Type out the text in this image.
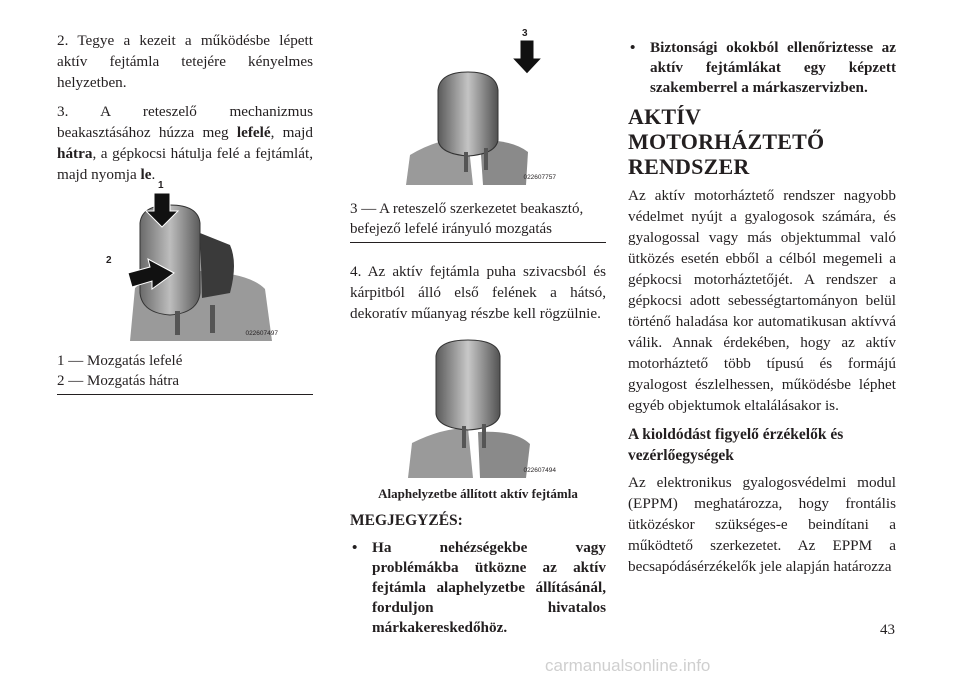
2. Tegye a kezeit a működésbe lépett aktív fejtámla tetejére kényelmes helyzetben.

3. A reteszelő mechanizmus beakasztásához húzza meg lefelé, majd hátra, a gépkocsi hátulja felé a fejtámlát, majd nyomja le.

1
2
022607497
1 — Mozgatás lefelé
2 — Mozgatás hátra
3
022607757
3 — A reteszelő szerkezetet beakasztó, befejező lefelé irányuló mozgatás

4. Az aktív fejtámla puha szivacsból és kárpitból álló első felének a hátsó, dekoratív műanyag részbe kell rögzülnie.

022607494
Alaphelyzetbe állított aktív fejtámla
MEGJEGYZÉS:
• Ha nehézségekbe vagy problémákba ütközne az aktív fejtámla alaphelyzetbe állításánál, forduljon hivatalos márkakereskedőhöz.
• Biztonsági okokból ellenőriztesse az aktív fejtámlákat egy képzett szakemberrel a márkaszervizben.
AKTÍV MOTORHÁZTETŐ RENDSZER

Az aktív motorháztető rendszer nagyobb védelmet nyújt a gyalogosok számára, és gyalogossal vagy más objektummal való ütközés esetén ebből a célból megemeli a gépkocsi motorháztetőjét. A rendszer a gépkocsi adott sebességtartományon belül történő haladása kor automatikusan aktívvá válik. Annak érdekében, hogy az aktív motorháztető több típusú és formájú gyalogost észlelhessen, működésbe léphet egyéb objektumok eltalálásakor is.

A kioldódást figyelő érzékelők és vezérlőegységek

Az elektronikus gyalogosvédelmi modul (EPPM) meghatározza, hogy frontális ütközéskor szükséges-e beindítani a működtető szerkezetet. Az EPPM a becsapódásérzékelők jele alapján határozza

43
carmanualsonline.info
